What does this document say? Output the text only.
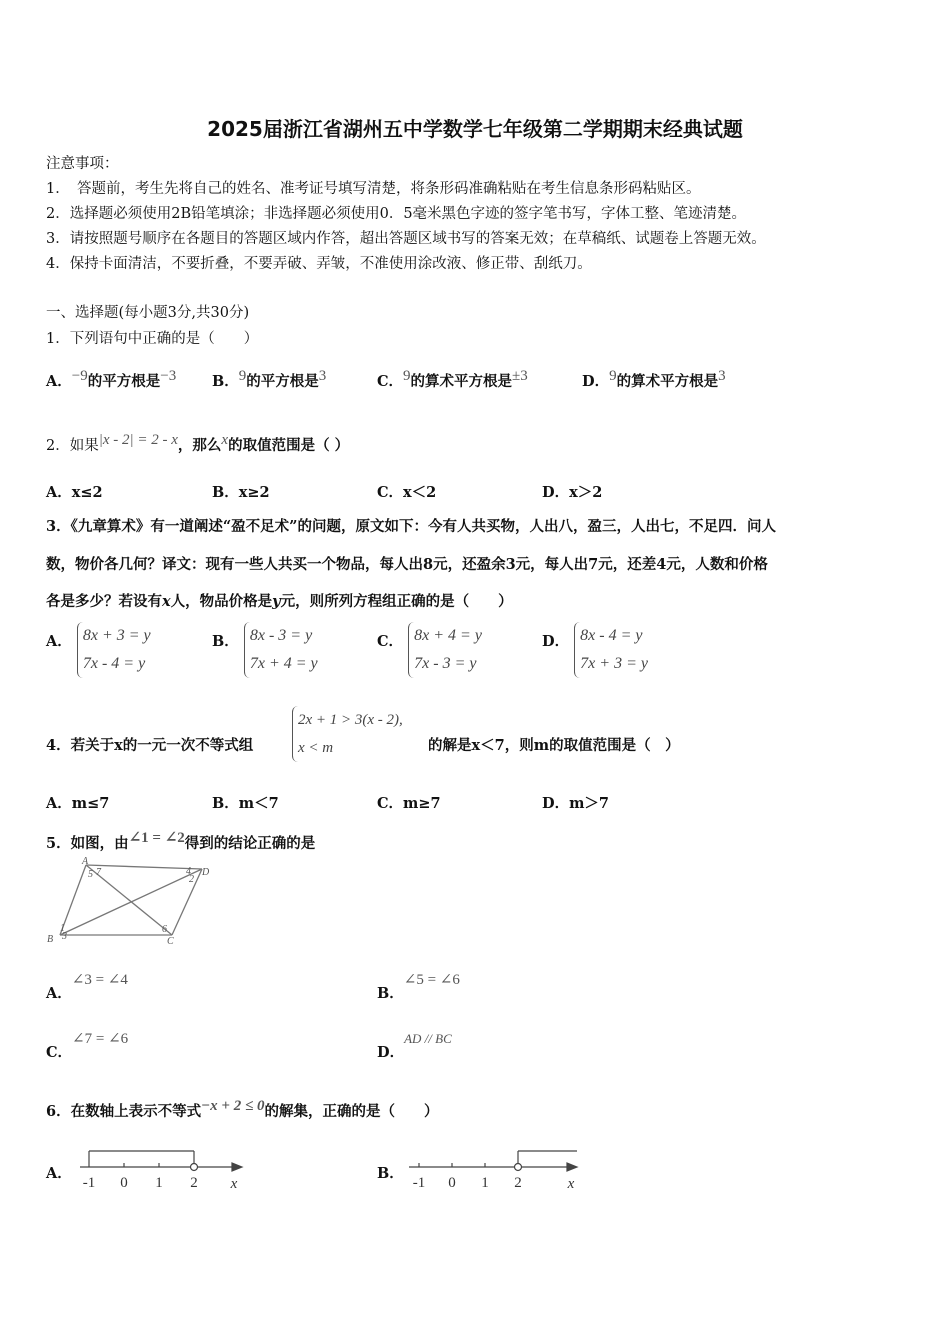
2025届浙江省湖州五中学数学七年级第二学期期末经典试题
注意事项：
1．　答题前，考生先将自己的姓名、准考证号填写清楚，将条形码准确粘贴在考生信息条形码粘贴区。
2．选择题必须使用2B铅笔填涂；非选择题必须使用0．5毫米黑色字迹的签字笔书写，字体工整、笔迹清楚。
3．请按照题号顺序在各题目的答题区域内作答，超出答题区域书写的答案无效；在草稿纸、试题卷上答题无效。
4．保持卡面清洁，不要折叠，不要弄破、弄皱，不准使用涂改液、修正带、刮纸刀。
一、选择题(每小题3分,共30分)
1．下列语句中正确的是（　　）
A．$^{-9}$的平方根是$^{-3}$ B．$^9$的平方根是$^3$	C．$^9$的算术平方根是$^{\pm 3}$	D．$^9$的算术平方根是$^3$
2．如果$^{|x - 2| = 2 - x}$，那么$^x$的取值范围是（ ）
A．x≤2	B．x≥2	C．x＜2	D．x＞2
3．《九章算术》有一道阐述“盈不足术”的问题，原文如下：今有人共买物，人出八，盈三，人出七，不足四．问人
数，物价各几何？译文：现有一些人共买一个物品，每人出8元，还盈余3元，每人出7元，还差4元，人数和价格
各是多少？若设有x人，物品价格是y元，则所列方程组正确的是（　　）
A． 8x + 3 = y
7x - 4 = y
B． 8x - 3 = y
7x + 4 = y
C． 8x + 4 = y
7x - 3 = y
D． 8x - 4 = y
7x + 3 = y
4．若关于x的一元一次不等式组
2x + 1 > 3(x - 2),
x < m	的解是x＜7，则m的取值范围是（　）
A．m≤7	B．m＜7	C．m≥7	D．m＞7
5．如图，由$^{\angle 1 = \angle 2}$得到的结论正确的是
A
5 7	4
2
D
B
1
3
6
C
A．∠3 = ∠4
B．∠5 = ∠6
C．∠7 = ∠6
D．AD // BC
6．在数轴上表示不等式$^{-x + 2 \le 0}$的解集，正确的是（　　）
A．
-1 0 1 2 x
B．
-1 0 1 2	x
